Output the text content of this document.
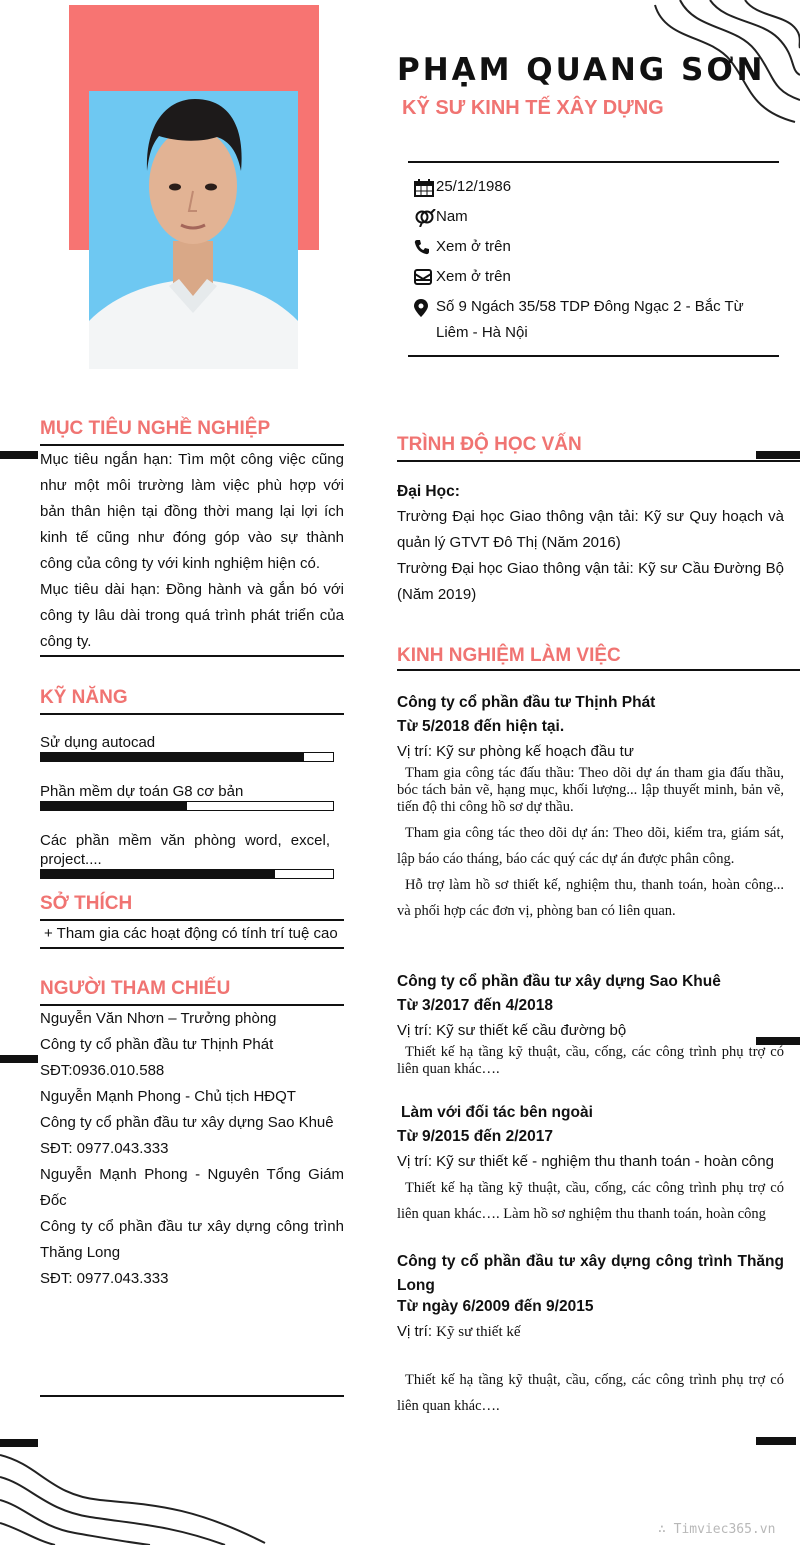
PHẠM QUANG SƠN
KỸ SƯ KINH TẾ XÂY DỰNG
25/12/1986
Nam
Xem ở trên
Xem ở trên
Số 9 Ngách 35/58 TDP Đông Ngạc 2 - Bắc Từ Liêm - Hà Nội
MỤC TIÊU NGHỀ NGHIỆP
Mục tiêu ngắn hạn: Tìm một công việc cũng như một môi trường làm việc phù hợp với bản thân hiện tại đồng thời mang lại lợi ích kinh tế cũng như đóng góp vào sự thành công của công ty với kinh nghiệm hiện có.
Mục tiêu dài hạn: Đồng hành và gắn bó với công ty lâu dài trong quá trình phát triển của công ty.
KỸ NĂNG
Sử dụng autocad
Phần mềm dự toán G8 cơ bản
Các phần mềm văn phòng word, excel, project....
SỞ THÍCH
+ Tham gia các hoạt động có tính trí tuệ cao
NGƯỜI THAM CHIẾU
Nguyễn Văn Nhơn – Trưởng phòng
Công ty cổ phần đầu tư Thịnh Phát
SĐT:0936.010.588
Nguyễn Mạnh Phong - Chủ tịch HĐQT
Công ty cổ phần đầu tư xây dựng Sao Khuê
SĐT: 0977.043.333
Nguyễn Mạnh Phong - Nguyên Tổng Giám Đốc
Công ty cổ phần đầu tư xây dựng công trình Thăng Long
SĐT: 0977.043.333
TRÌNH ĐỘ HỌC VẤN
Đại Học:
Trường Đại học Giao thông vận tải: Kỹ sư Quy hoạch và quản lý GTVT Đô Thị (Năm 2016)
Trường Đại học Giao thông vận tải: Kỹ sư Cầu Đường Bộ (Năm 2019)
KINH NGHIỆM LÀM VIỆC
Công ty cổ phần đầu tư Thịnh Phát
Từ 5/2018 đến hiện tại.
Vị trí: Kỹ sư phòng kế hoạch đầu tư
Tham gia công tác đấu thầu: Theo dõi dự án tham gia đấu thầu, bóc tách bản vẽ, hạng mục, khối lượng... lập thuyết minh, bản vẽ, tiến độ thi công hồ sơ dự thầu.
Tham gia công tác theo dõi dự án: Theo dõi, kiểm tra, giám sát, lập báo cáo tháng, báo các quý các dự án được phân công.
Hỗ trợ làm hồ sơ thiết kế, nghiệm thu, thanh toán, hoàn công... và phối hợp các đơn vị, phòng ban có liên quan.
Công ty cổ phần đầu tư xây dựng Sao Khuê
Từ 3/2017 đến 4/2018
Vị trí: Kỹ sư thiết kế cầu đường bộ
Thiết kế hạ tầng kỹ thuật, cầu, cống, các công trình phụ trợ có liên quan khác….
Làm với đối tác bên ngoài
Từ 9/2015 đến 2/2017
Vị trí: Kỹ sư thiết kế - nghiệm thu thanh toán - hoàn công
Thiết kế hạ tầng kỹ thuật, cầu, cống, các công trình phụ trợ có liên quan khác…. Làm hồ sơ nghiệm thu thanh toán, hoàn công
Công ty cổ phần đầu tư xây dựng công trình Thăng Long
Từ ngày 6/2009 đến 9/2015
Vị trí: Kỹ sư thiết kế
Thiết kế hạ tầng kỹ thuật, cầu, cống, các công trình phụ trợ có liên quan khác….
∴ Timviec365.vn
